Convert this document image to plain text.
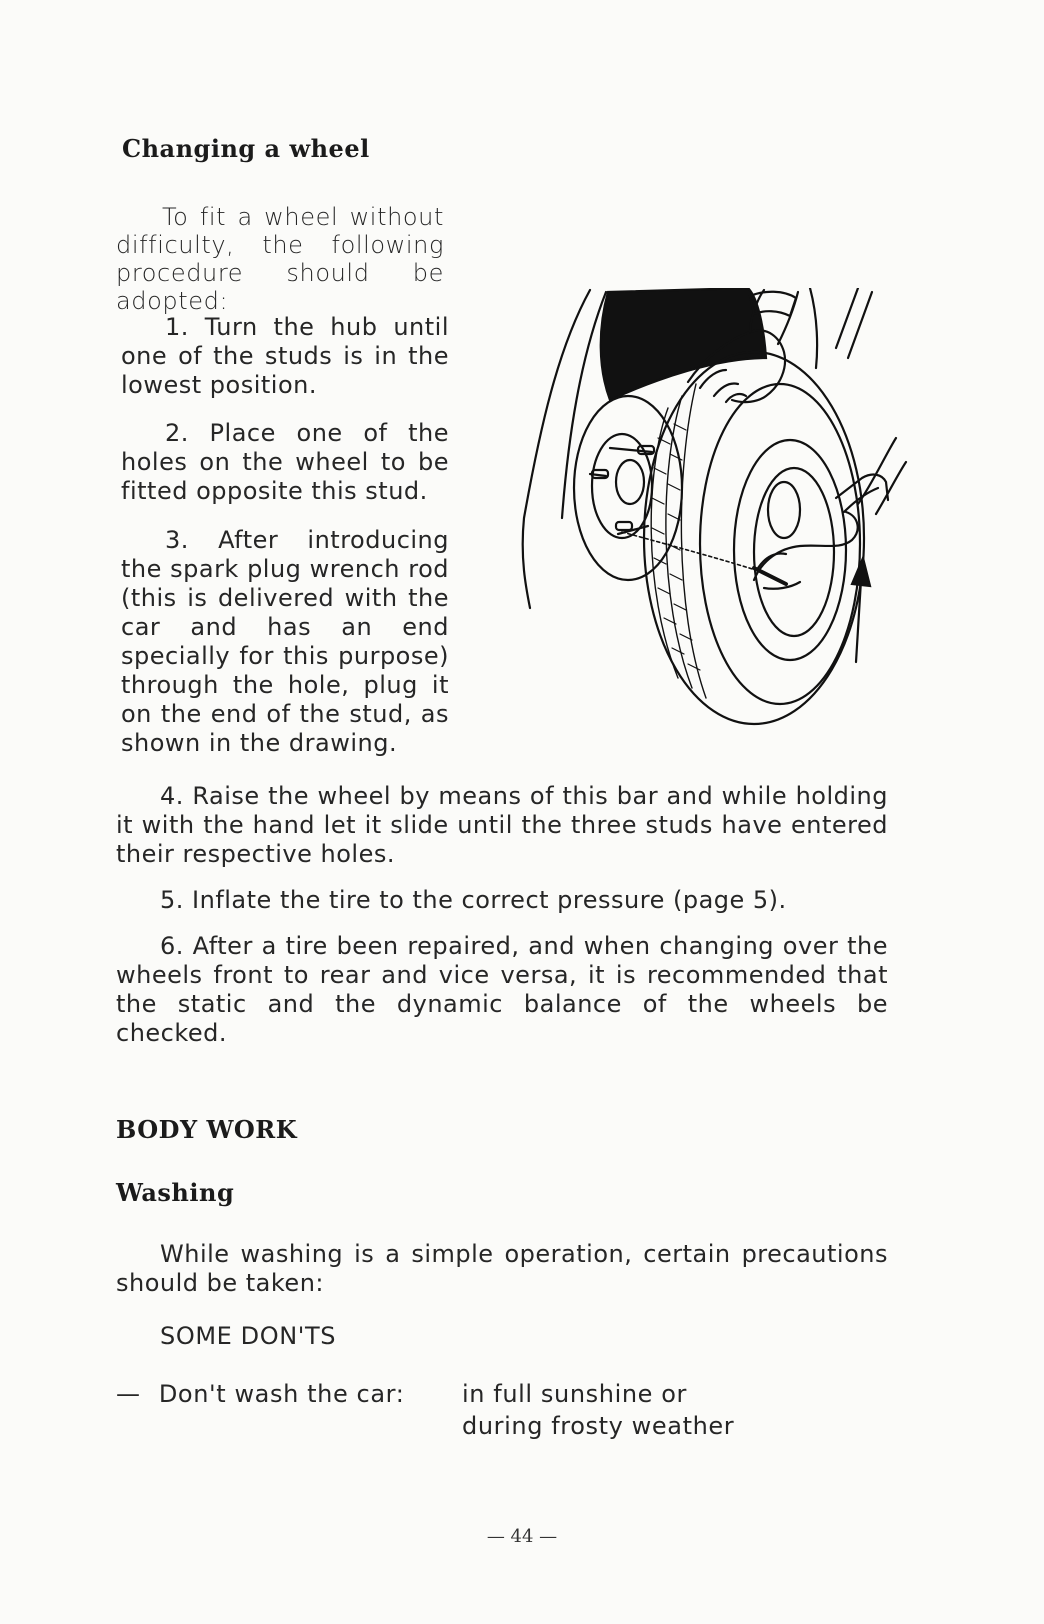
Changing a wheel

To fit a wheel without difficulty, the following procedure should be adopted:

1. Turn the hub until one of the studs is in the lowest position.

2. Place one of the holes on the wheel to be fitted opposite this stud.

3. After introducing the spark plug wrench rod (this is delivered with the car and has an end specially for this purpose) through the hole, plug it on the end of the stud, as shown in the drawing.

4. Raise the wheel by means of this bar and while holding it with the hand let it slide until the three studs have entered their respective holes.

5. Inflate the tire to the correct pressure (page 5).

6. After a tire been repaired, and when changing over the wheels front to rear and vice versa, it is recommended that the static and the dynamic balance of the wheels be checked.

BODY WORK
Washing

While washing is a simple operation, certain precautions should be taken:

SOME DON'TS
— Don't wash the car:	in full sunshine or
during frosty weather
— 44 —
